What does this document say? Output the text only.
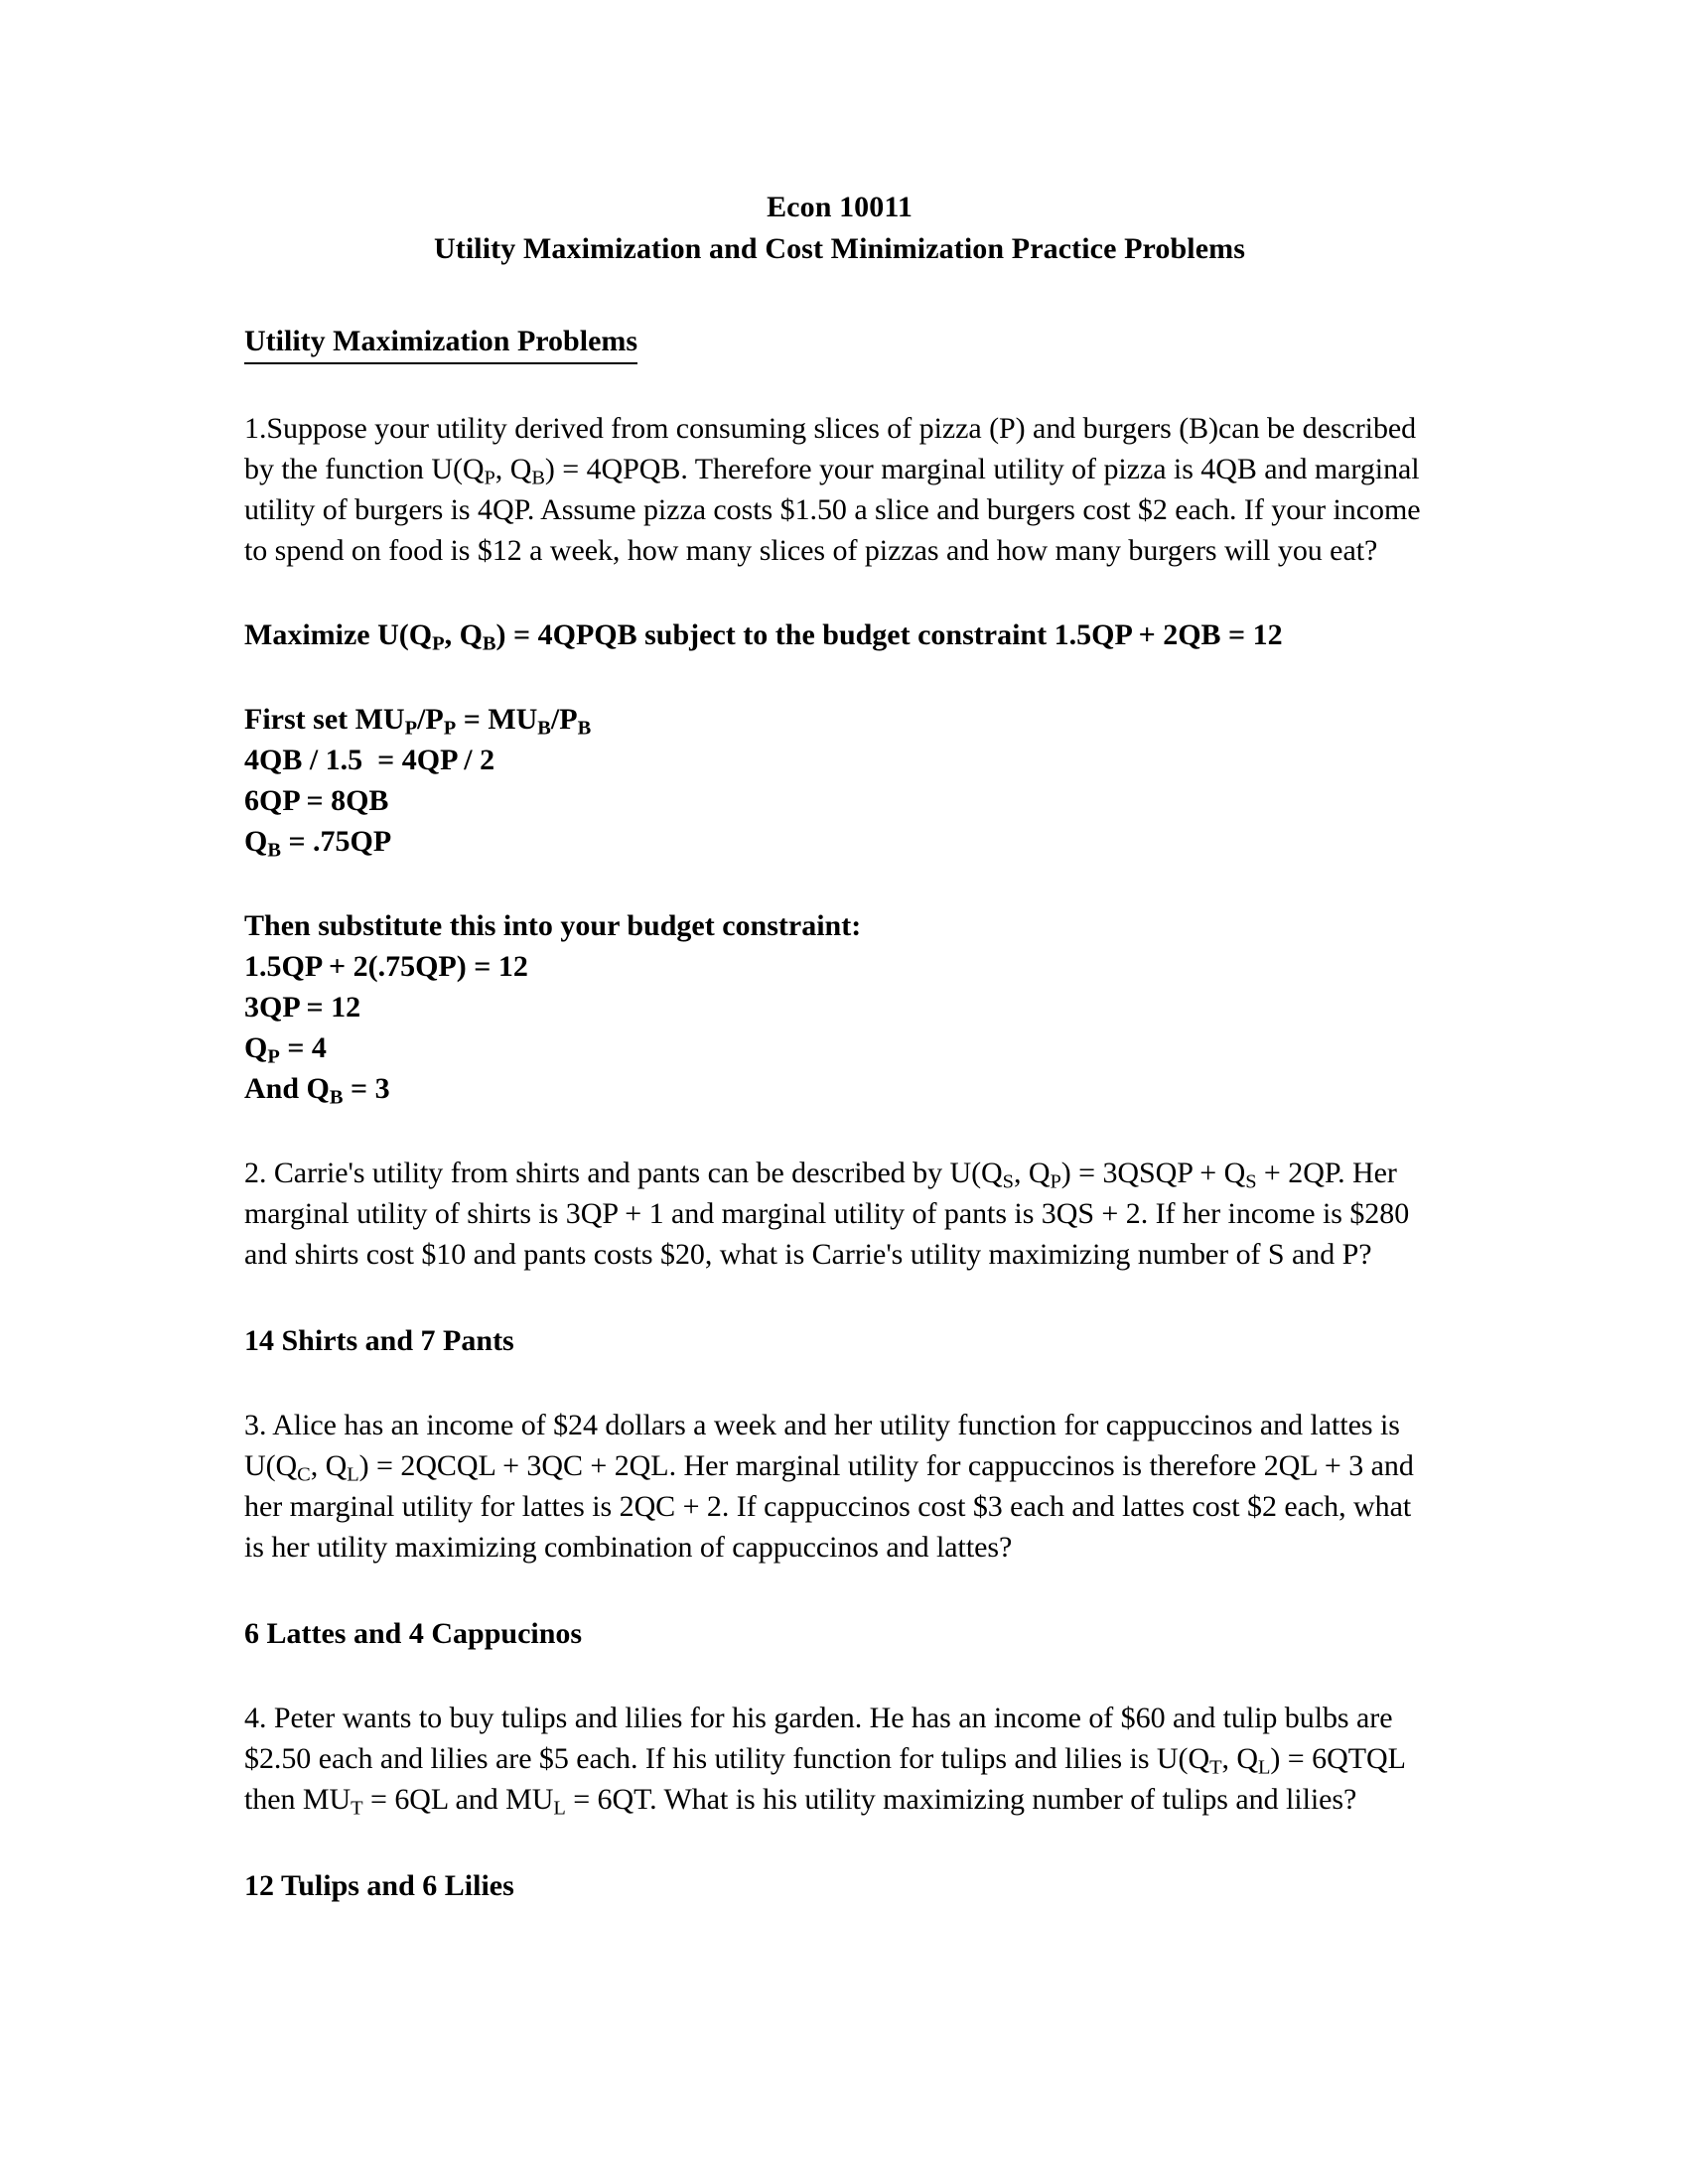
Econ 10011
Utility Maximization and Cost Minimization Practice Problems
Utility Maximization Problems

1.Suppose your utility derived from consuming slices of pizza (P) and burgers (B)can be described by the function $U(Q_P$, $Q_B$) = 4QPQB. Therefore your marginal utility of pizza is 4QB and marginal utility of burgers is 4QP. Assume pizza costs $1.50 a slice and burgers cost $2 each. If your income to spend on food is $12 a week, how many slices of pizzas and how many burgers will you eat?

Maximize $U(Q_P$, $Q_B$) = 4QPQB subject to the budget constraint 1.5QP + 2QB = 12

First set $MU_P/P_P = MU_B/P_B$
4QB / 1.5  = 4QP / 2
6QP = 8QB
$Q_B = .75QP$
Then substitute this into your budget constraint:
1.5QP + 2(.75QP) = 12
3QP = 12
$Q_P = 4$
And $Q_B = 3$

2. Carrie's utility from shirts and pants can be described by $U(Q_S$, $Q_P$) = 3QSQP + $Q_S + 2QP$. Her marginal utility of shirts is 3QP + 1 and marginal utility of pants is 3QS + 2. If her income is $280 and shirts cost $10 and pants costs $20, what is Carrie's utility maximizing number of S and P?

14 Shirts and 7 Pants

3. Alice has an income of $24 dollars a week and her utility function for cappuccinos and lattes is $U(Q_C$, $Q_L$) = 2QCQL + 3QC + 2QL. Her marginal utility for cappuccinos is therefore 2QL + 3 and her marginal utility for lattes is 2QC + 2. If cappuccinos cost $3 each and lattes cost $2 each, what is her utility maximizing combination of cappuccinos and lattes?

6 Lattes and 4 Cappucinos

4. Peter wants to buy tulips and lilies for his garden. He has an income of $60 and tulip bulbs are $2.50 each and lilies are $5 each. If his utility function for tulips and lilies is $U(Q_T$, $Q_L$) = 6QTQL then $MU_T = 6QL$ and $MU_L = 6QT$. What is his utility maximizing number of tulips and lilies?

12 Tulips and 6 Lilies
